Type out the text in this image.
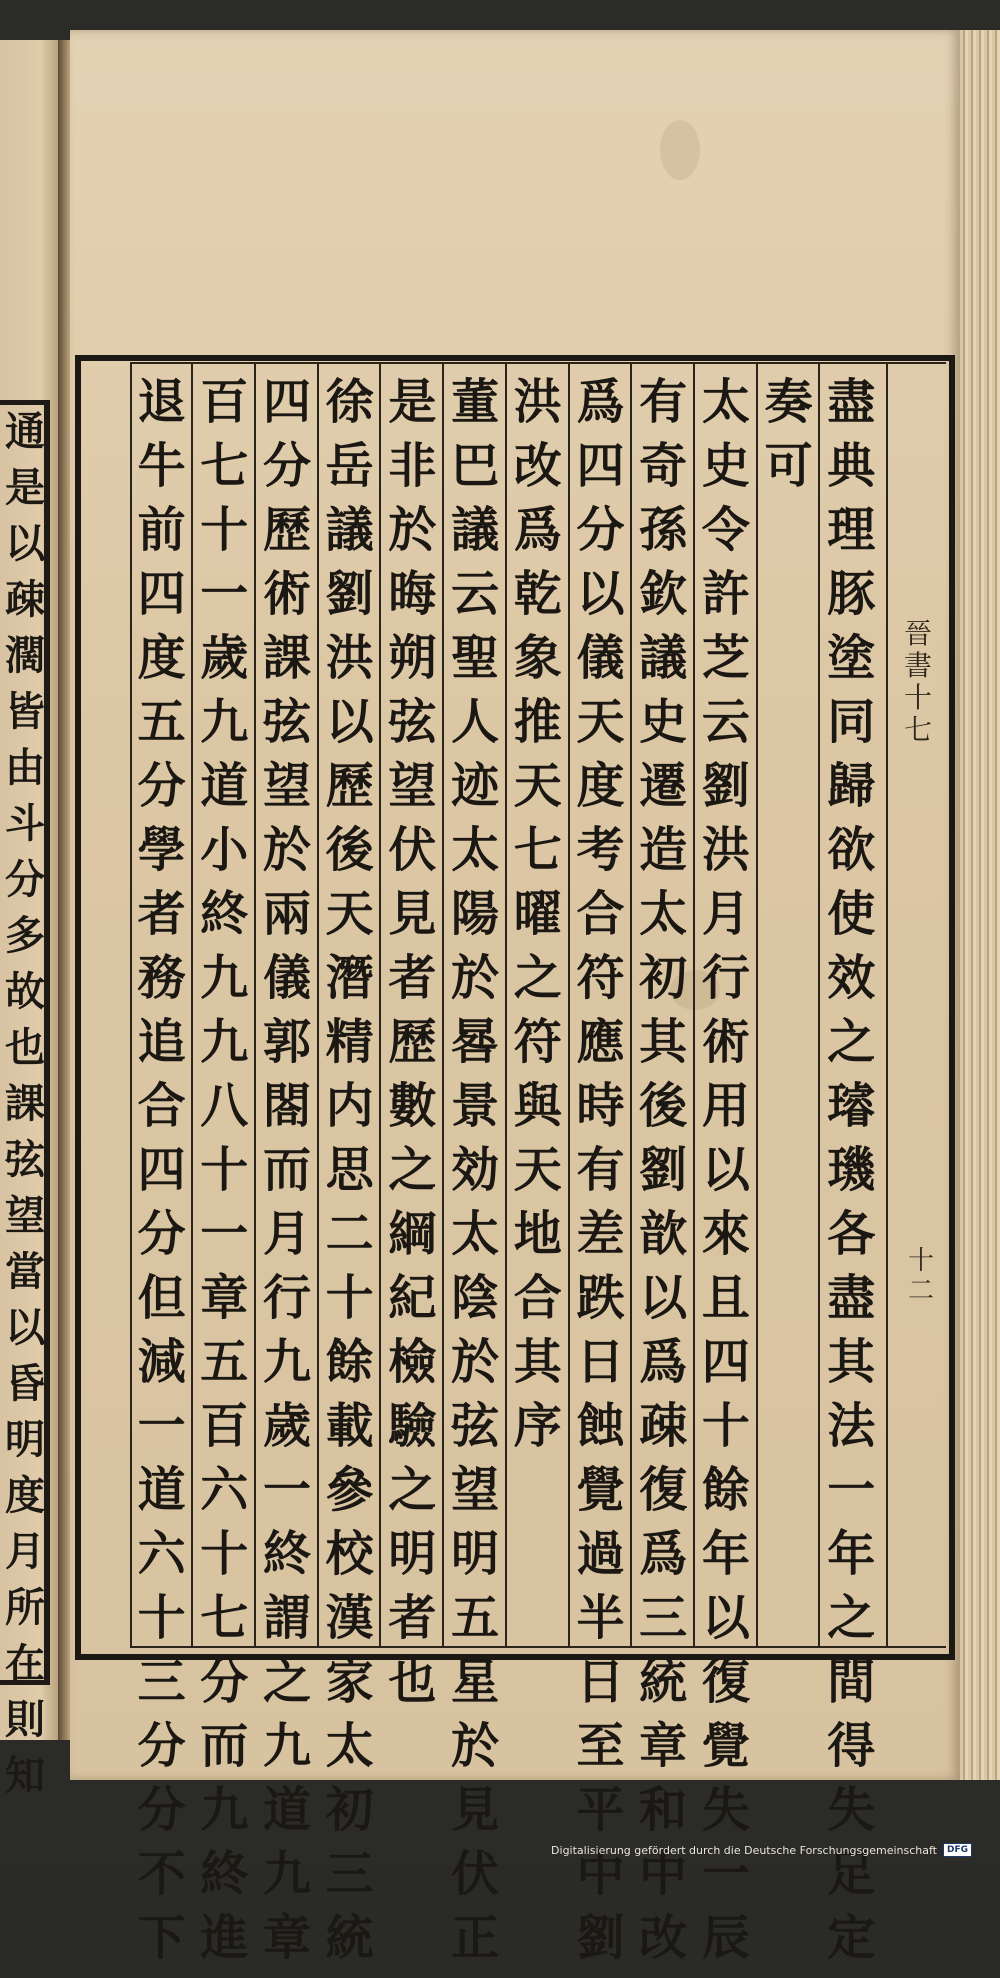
通
是
以
疎
濶
皆
由
斗
分
多
故
也
課
弦
望
當
以
昏
明
度
月
所
在
則
知
晉
書
十
七
十
二
盡
典
理
豚
塗
同
歸
欲
使
效
之
璿
璣
各
盡
其
法
一
年
之
間
得
失
足
定
奏
可
太
史
令
許
芝
云
劉
洪
月
行
術
用
以
來
且
四
十
餘
年
以
復
覺
失
一
辰
有
奇
孫
欽
議
史
遷
造
太
初
其
後
劉
歆
以
爲
疎
復
爲
三
統
章
和
中
改
爲
四
分
以
儀
天
度
考
合
符
應
時
有
差
跌
日
蝕
覺
過
半
日
至
平
中
劉
洪
改
爲
乾
象
推
天
七
曜
之
符
與
天
地
合
其
序
董
巴
議
云
聖
人
迹
太
陽
於
晷
景
効
太
陰
於
弦
望
明
五
星
於
見
伏
正
是
非
於
晦
朔
弦
望
伏
見
者
歷
數
之
綱
紀
檢
驗
之
明
者
也
徐
岳
議
劉
洪
以
歷
後
天
潛
精
内
思
二
十
餘
載
參
校
漢
家
太
初
三
統
四
分
歷
術
課
弦
望
於
兩
儀
郭
閤
而
月
行
九
歲
一
終
謂
之
九
道
九
章
百
七
十
一
歲
九
道
小
終
九
九
八
十
一
章
五
百
六
十
七
分
而
九
終
進
退
牛
前
四
度
五
分
學
者
務
追
合
四
分
但
減
一
道
六
十
三
分
分
不
下
Digitalisierung gefördert durch die Deutsche Forschungsgemeinschaft	DFG
